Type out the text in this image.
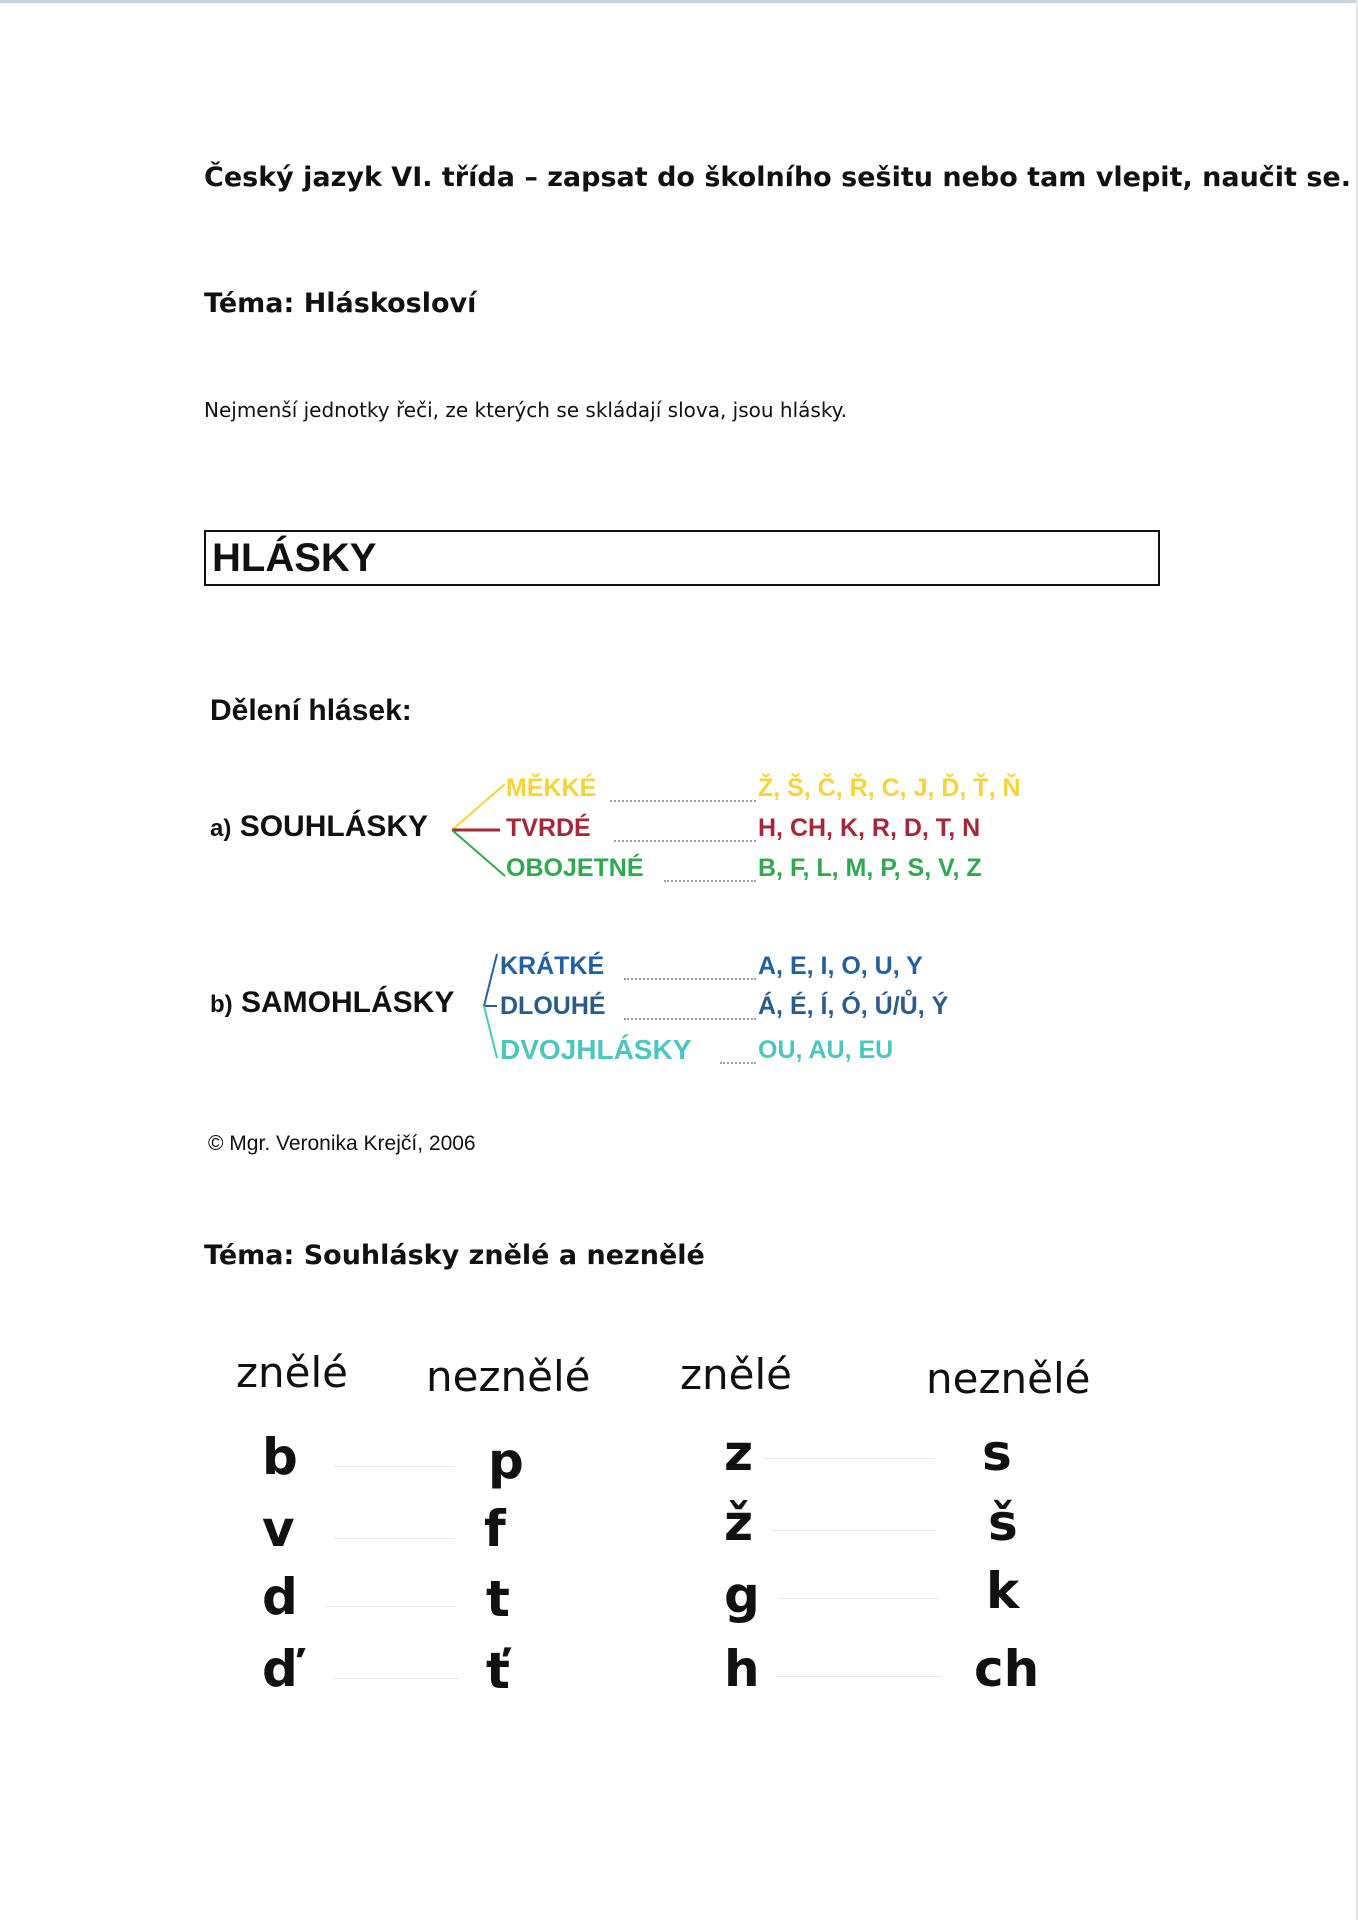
Český jazyk VI. třída – zapsat do školního sešitu nebo tam vlepit, naučit se.
Téma: Hláskosloví
Nejmenší jednotky řeči, ze kterých se skládají slova, jsou hlásky.
HLÁSKY
Dělení hlásek:
a) SOUHLÁSKY
MĚKKÉ	Ž, Š, Č, Ř, C, J, Ď, Ť, Ň
TVRDÉ	H, CH, K, R, D, T, N
OBOJETNÉ	B, F, L, M, P, S, V, Z
b) SAMOHLÁSKY
KRÁTKÉ	A, E, I, O, U, Y
DLOUHÉ	Á, É, Í, Ó, Ú/Ů, Ý
DVOJHLÁSKY	OU, AU, EU
© Mgr. Veronika Krejčí, 2006
Téma: Souhlásky znělé a neznělé
znělé neznělé znělé	neznělé
b	p
v	f
d	t
ď	ť
z	s
ž	š
g	k
h	ch
